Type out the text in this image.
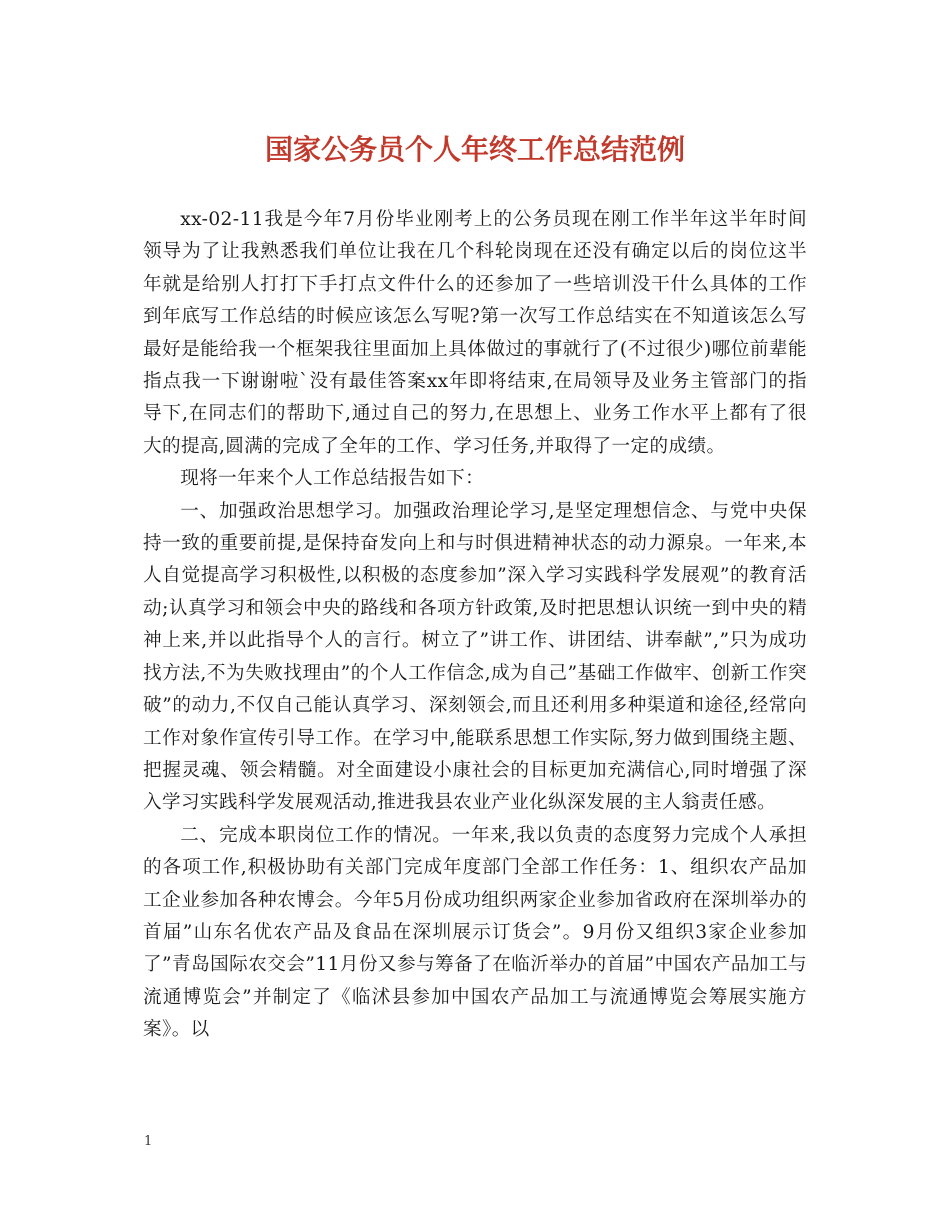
国家公务员个人年终工作总结范例

xx-02-11我是今年7月份毕业刚考上的公务员现在刚工作半年这半年时间领导为了让我熟悉我们单位让我在几个科轮岗现在还没有确定以后的岗位这半年就是给别人打打下手打点文件什么的还参加了一些培训没干什么具体的工作到年底写工作总结的时候应该怎么写呢?第一次写工作总结实在不知道该怎么写最好是能给我一个框架我往里面加上具体做过的事就行了(不过很少)哪位前辈能指点我一下谢谢啦`没有最佳答案xx年即将结束,在局领导及业务主管部门的指导下,在同志们的帮助下,通过自己的努力,在思想上、业务工作水平上都有了很大的提高,圆满的完成了全年的工作、学习任务,并取得了一定的成绩。

现将一年来个人工作总结报告如下：

一、加强政治思想学习。加强政治理论学习,是坚定理想信念、与党中央保持一致的重要前提,是保持奋发向上和与时俱进精神状态的动力源泉。一年来,本人自觉提高学习积极性,以积极的态度参加”深入学习实践科学发展观”的教育活动;认真学习和领会中央的路线和各项方针政策,及时把思想认识统一到中央的精神上来,并以此指导个人的言行。树立了”讲工作、讲团结、讲奉献”,”只为成功找方法,不为失败找理由”的个人工作信念,成为自己”基础工作做牢、创新工作突破”的动力,不仅自己能认真学习、深刻领会,而且还利用多种渠道和途径,经常向工作对象作宣传引导工作。在学习中,能联系思想工作实际,努力做到围绕主题、把握灵魂、领会精髓。对全面建设小康社会的目标更加充满信心,同时增强了深入学习实践科学发展观活动,推进我县农业产业化纵深发展的主人翁责任感。

二、完成本职岗位工作的情况。一年来,我以负责的态度努力完成个人承担的各项工作,积极协助有关部门完成年度部门全部工作任务：1、组织农产品加工企业参加各种农博会。今年5月份成功组织两家企业参加省政府在深圳举办的首届”山东名优农产品及食品在深圳展示订货会”。9月份又组织3家企业参加了”青岛国际农交会”11月份又参与筹备了在临沂举办的首届”中国农产品加工与流通博览会”并制定了《临沭县参加中国农产品加工与流通博览会筹展实施方案》。以

1
